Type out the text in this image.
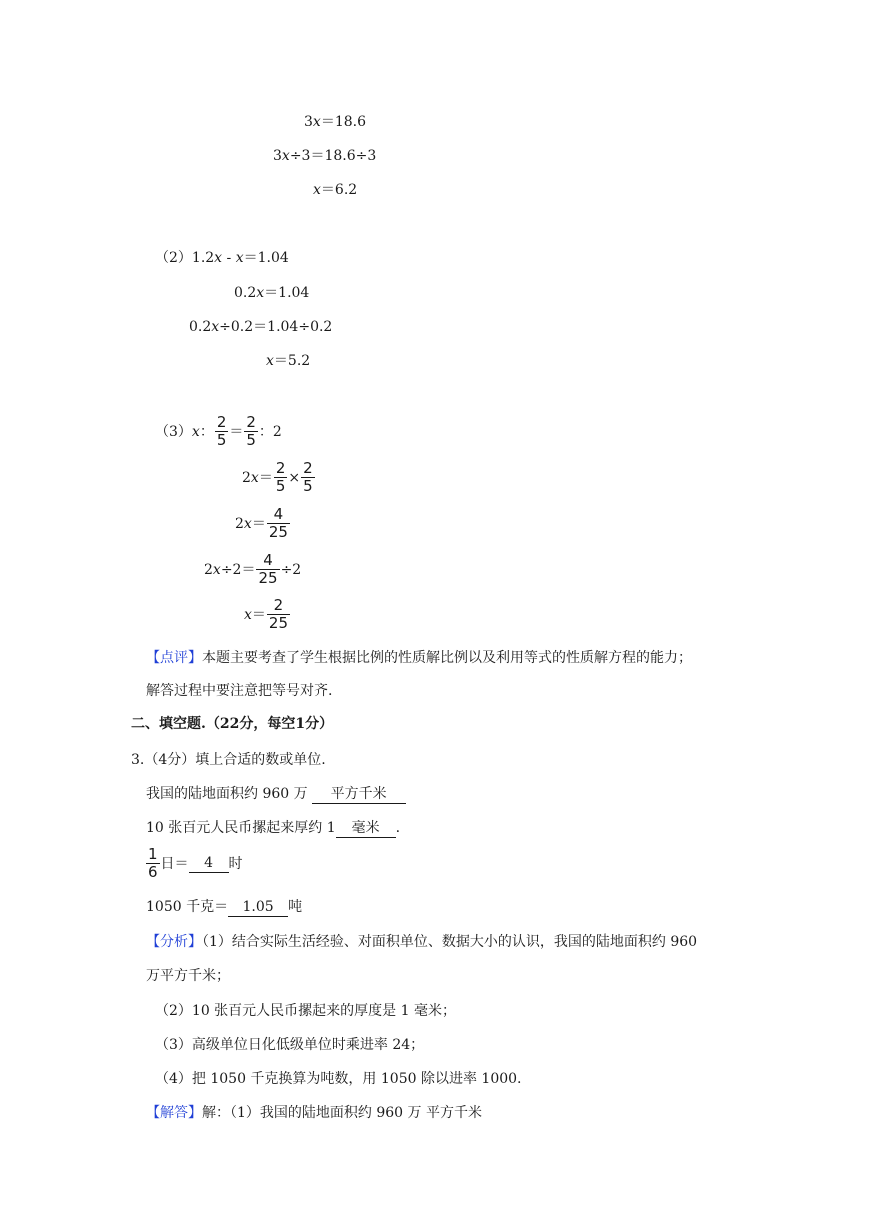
3x＝18.6
3x÷3＝18.6÷3
x＝6.2
（2）1.2x - x＝1.04
0.2x＝1.04
0.2x÷0.2＝1.04÷0.2
x＝5.2
（3） x ： $\frac{2}{5} = \frac{2}{5}$ ：2
2 $x = \frac{2}{5} \times \frac{2}{5}$
2 $x = \frac{4}{25}$
2 $x \div 2= \frac{4}{25} \div 2$
$x = \frac{2}{25}$
【点评】本题主要考查了学生根据比例的性质解比例以及利用等式的性质解方程的能力；
解答过程中要注意把等号对齐.
二、填空题.（22分，每空1分）
3.（4分）填上合适的数或单位.
我国的陆地面积约 960 万 平方千米
10 张百元人民币摞起来厚约 1 毫米 .
$\frac{1}{6}$ 日＝	4	时
1050 千克＝ 1.05 吨
【分析】（1）结合实际生活经验、对面积单位、数据大小的认识，我国的陆地面积约 960
万平方千米；
（2）10 张百元人民币摞起来的厚度是 1 毫米；
（3）高级单位日化低级单位时乘进率 24；
（4）把 1050 千克换算为吨数，用 1050 除以进率 1000.
【解答】解：（1）我国的陆地面积约 960 万 平方千米
